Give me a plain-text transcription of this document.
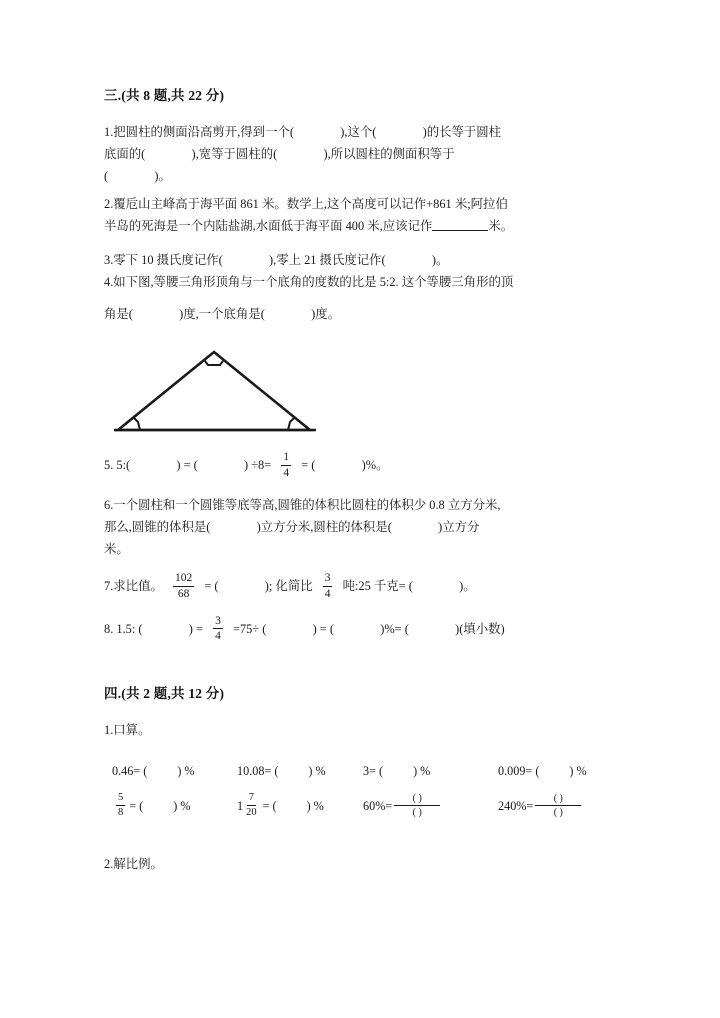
三.(共 8 题,共 22 分)
1.把圆柱的侧面沿高剪开,得到一个(	),这个(	)的长等于圆柱
底面的(	),宽等于圆柱的(	),所以圆柱的侧面积等于
(	)。
2.覆卮山主峰高于海平面 861 米。数学上,这个高度可以记作+861 米;阿拉伯
半岛的死海是一个内陆盐湖,水面低于海平面 400 米,应该记作	米。
3.零下 10 摄氏度记作(	),零上 21 摄氏度记作(	)。
4.如下图,等腰三角形顶角与一个底角的度数的比是 5:2. 这个等腰三角形的顶
角是(	)度,一个底角是(	)度。
5. 5:(	) = (	) $\div 8= \frac{1}{4}$ = (	)%。
6.一个圆柱和一个圆锥等底等高,圆锥的体积比圆柱的体积少 0.8 立方分米,
那么,圆锥的体积是(	)立方分米,圆柱的体积是(	)立方分
米。
7.求比值。 $\frac{102}{68}$ = (	); 化简比 $\frac{3}{4}$ 吨:25 千克= (	)。
8. 1.5: (	) = $\frac{3}{4} =75\div$ (	) = (	)%= (	)(填小数)
四.(共 2 题,共 12 分)
1.口算。
0.46= ( ) %	10.08= ( ) %	3= ( ) %	0.009= ( ) %
$\frac{5}{8}$ = ( ) %	$1 \frac{7}{20}$ = ( ) %	$60\%= \frac{( )}{( )}$	$240\%= \frac{( )}{( )}$
2.解比例。
